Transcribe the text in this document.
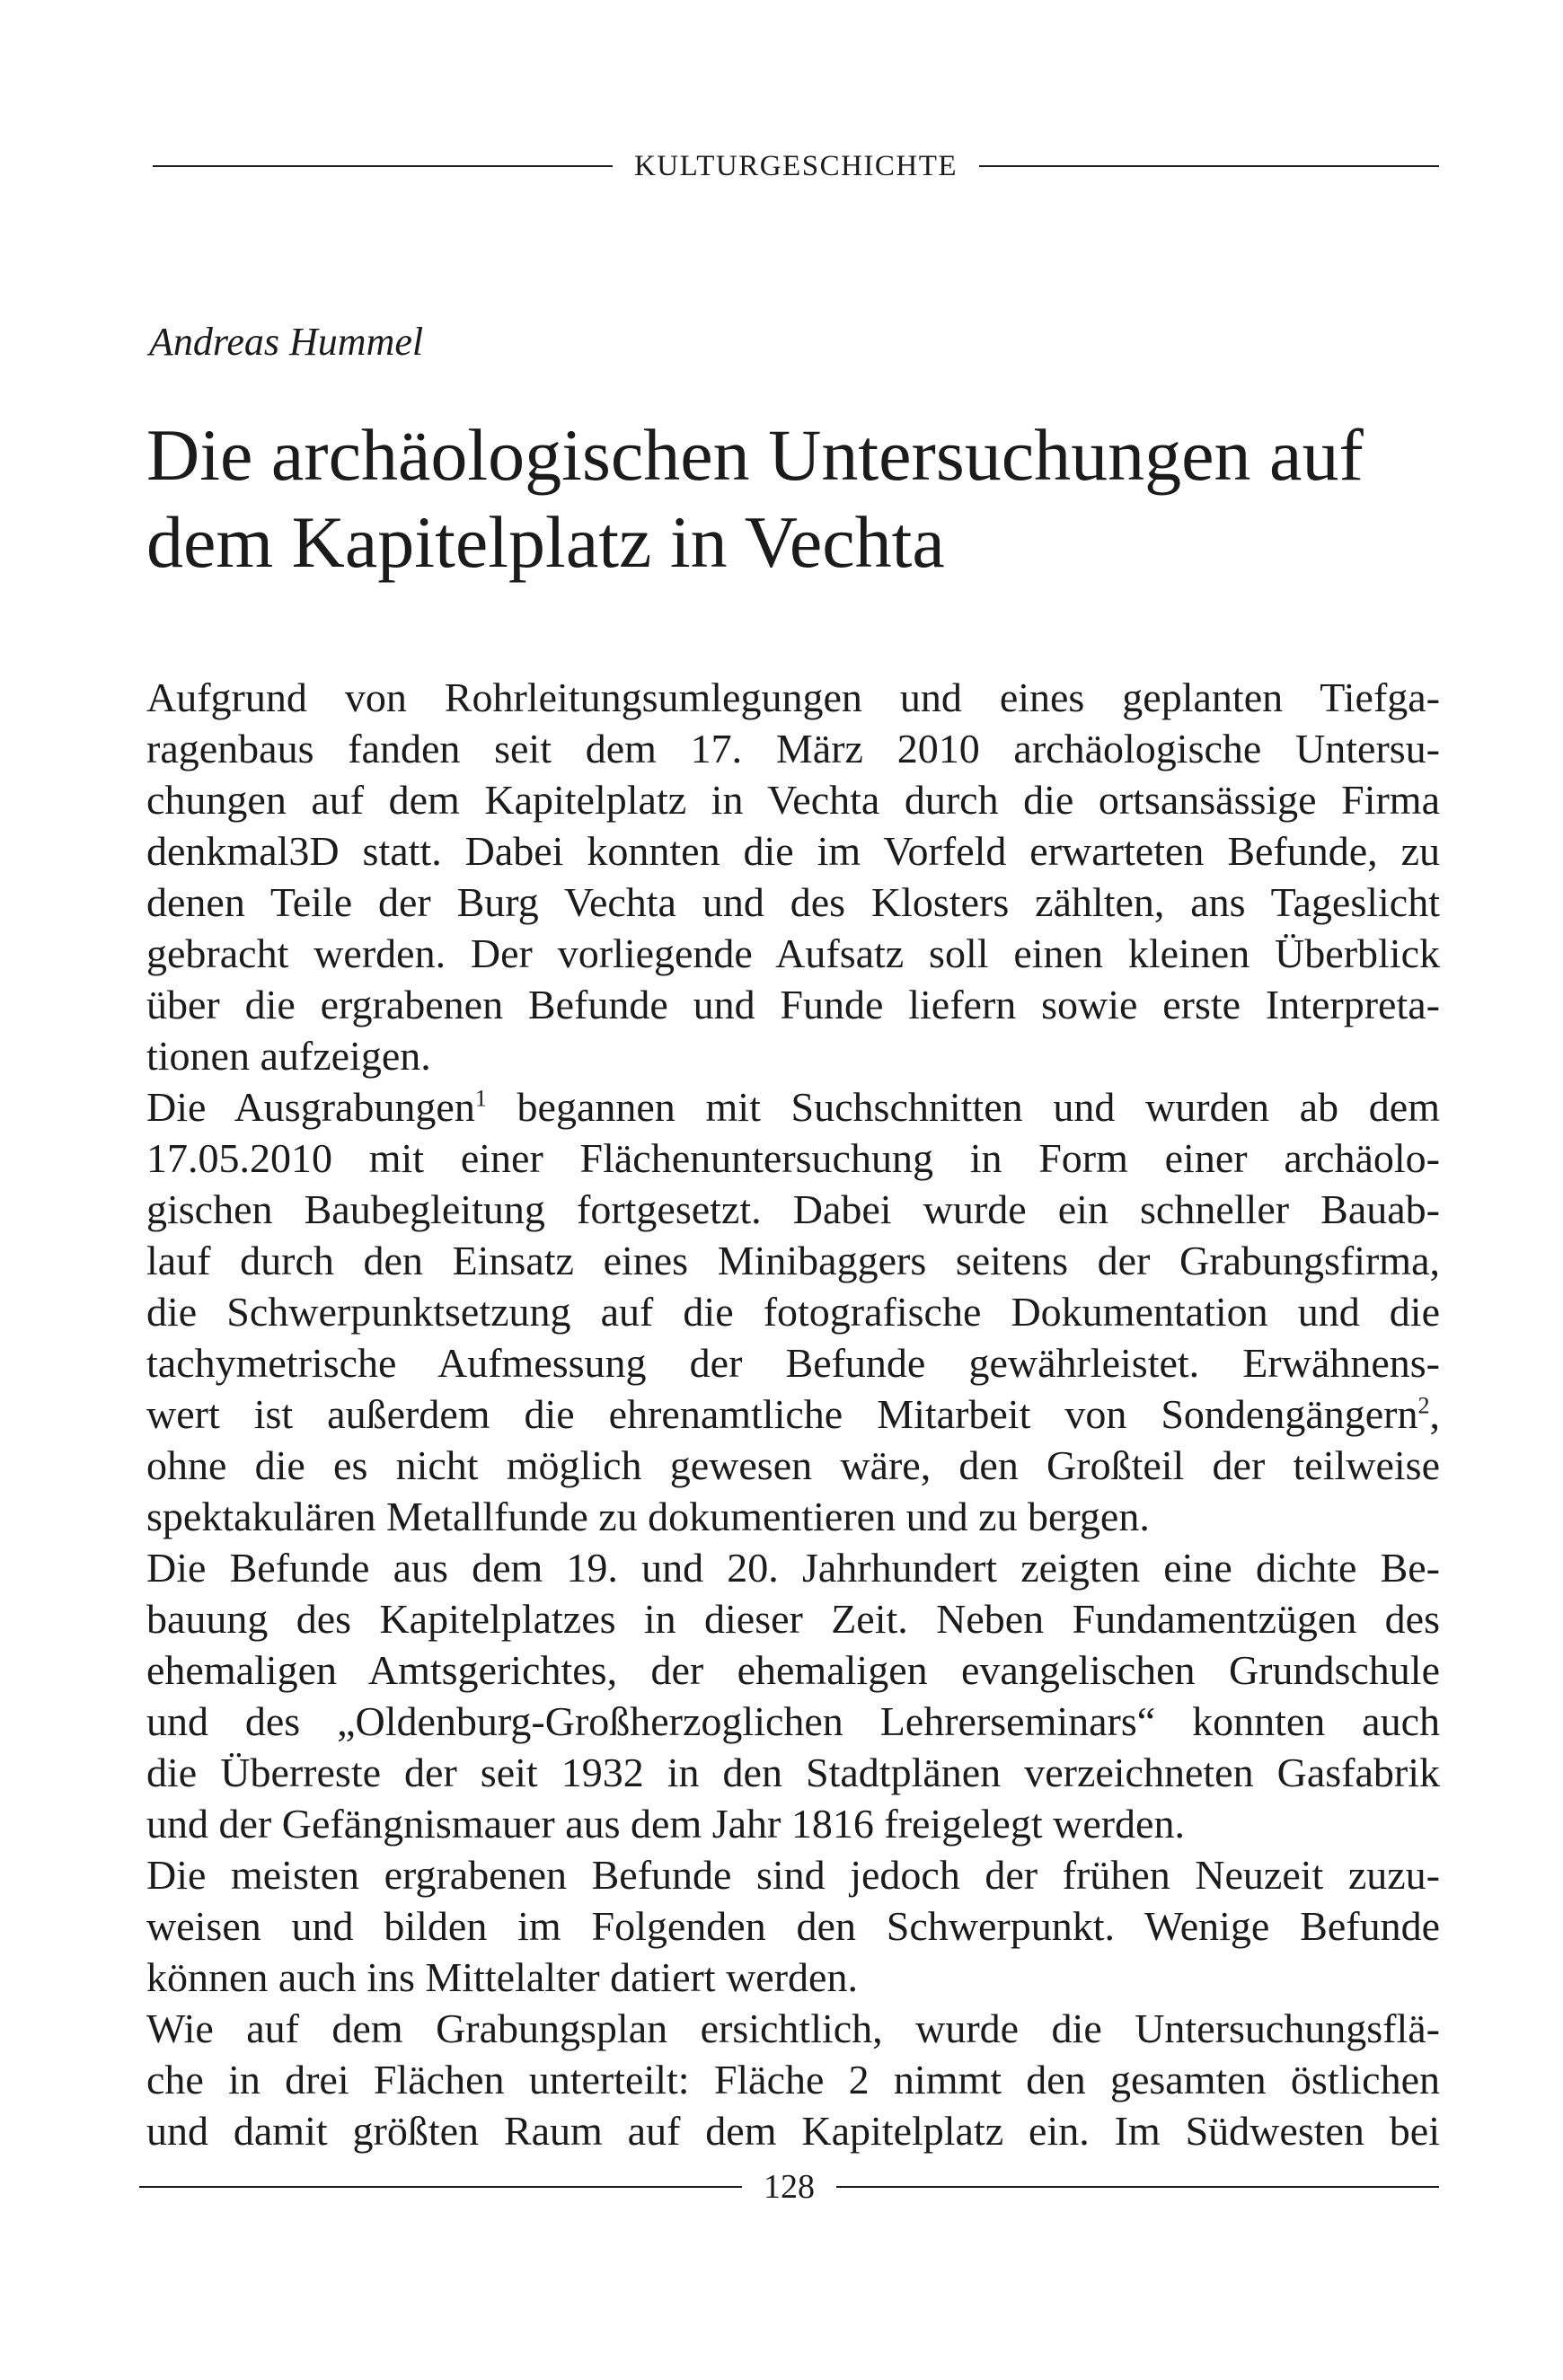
KULTURGESCHICHTE
Andreas Hummel
Die archäologischen Untersuchungen auf
dem Kapitelplatz in Vechta
Aufgrund von Rohrleitungsumlegungen und eines geplanten Tiefga-
ragenbaus fanden seit dem 17. März 2010 archäologische Untersu-
chungen auf dem Kapitelplatz in Vechta durch die ortsansässige Firma
denkmal3D statt. Dabei konnten die im Vorfeld erwarteten Befunde, zu
denen Teile der Burg Vechta und des Klosters zählten, ans Tageslicht
gebracht werden. Der vorliegende Aufsatz soll einen kleinen Überblick
über die ergrabenen Befunde und Funde liefern sowie erste Interpreta-
tionen aufzeigen.
Die Ausgrabungen$^1$ begannen mit Suchschnitten und wurden ab dem
17.05.2010 mit einer Flächenuntersuchung in Form einer archäolo-
gischen Baubegleitung fortgesetzt. Dabei wurde ein schneller Bauab-
lauf durch den Einsatz eines Minibaggers seitens der Grabungsfirma,
die Schwerpunktsetzung auf die fotografische Dokumentation und die
tachymetrische Aufmessung der Befunde gewährleistet. Erwähnens-
wert ist außerdem die ehrenamtliche Mitarbeit von Sondengängern$^2$,
ohne die es nicht möglich gewesen wäre, den Großteil der teilweise
spektakulären Metallfunde zu dokumentieren und zu bergen.
Die Befunde aus dem 19. und 20. Jahrhundert zeigten eine dichte Be-
bauung des Kapitelplatzes in dieser Zeit. Neben Fundamentzügen des
ehemaligen Amtsgerichtes, der ehemaligen evangelischen Grundschule
und des „Oldenburg-Großherzoglichen Lehrerseminars“ konnten auch
die Überreste der seit 1932 in den Stadtplänen verzeichneten Gasfabrik
und der Gefängnismauer aus dem Jahr 1816 freigelegt werden.
Die meisten ergrabenen Befunde sind jedoch der frühen Neuzeit zuzu-
weisen und bilden im Folgenden den Schwerpunkt. Wenige Befunde
können auch ins Mittelalter datiert werden.
Wie auf dem Grabungsplan ersichtlich, wurde die Untersuchungsflä-
che in drei Flächen unterteilt: Fläche 2 nimmt den gesamten östlichen
und damit größten Raum auf dem Kapitelplatz ein. Im Südwesten bei
128
